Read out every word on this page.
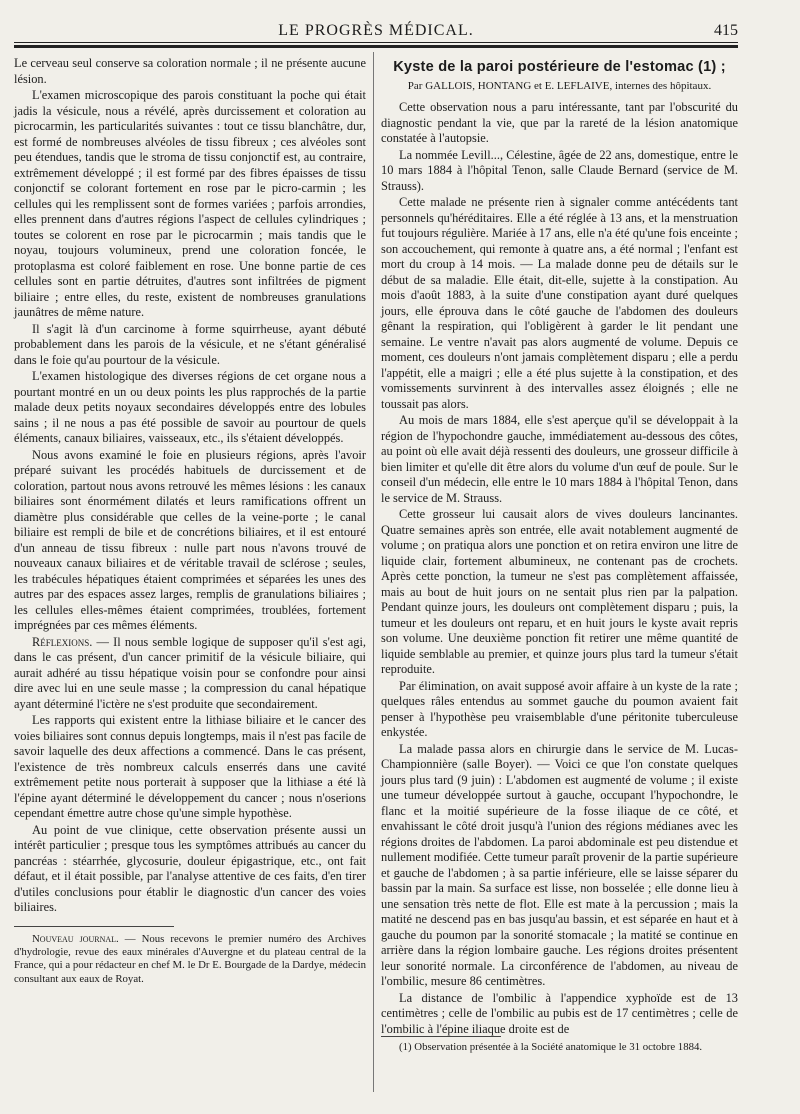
LE PROGRÈS MÉDICAL.	415

Le cerveau seul conserve sa coloration normale ; il ne présente aucune lésion.

L'examen microscopique des parois constituant la poche qui était jadis la vésicule, nous a révélé, après durcissement et coloration au picrocarmin, les particularités suivantes : tout ce tissu blanchâtre, dur, est formé de nombreuses alvéoles de tissu fibreux ; ces alvéoles sont peu étendues, tandis que le stroma de tissu conjonctif est, au contraire, extrêmement développé ; il est formé par des fibres épaisses de tissu conjonctif se colorant fortement en rose par le picro-carmin ; les cellules qui les remplissent sont de formes variées ; parfois arrondies, elles prennent dans d'autres régions l'aspect de cellules cylindriques ; toutes se colorent en rose par le picrocarmin ; mais tandis que le noyau, toujours volumineux, prend une coloration foncée, le protoplasma est coloré faiblement en rose. Une bonne partie de ces cellules sont en partie détruites, d'autres sont infiltrées de pigment biliaire ; entre elles, du reste, existent de nombreuses granulations jaunâtres de même nature.

Il s'agit là d'un carcinome à forme squirrheuse, ayant débuté probablement dans les parois de la vésicule, et ne s'étant généralisé dans le foie qu'au pourtour de la vésicule.

L'examen histologique des diverses régions de cet organe nous a pourtant montré en un ou deux points les plus rapprochés de la partie malade deux petits noyaux secondaires développés entre des lobules sains ; il ne nous a pas été possible de savoir au pourtour de quels éléments, canaux biliaires, vaisseaux, etc., ils s'étaient développés.

Nous avons examiné le foie en plusieurs régions, après l'avoir préparé suivant les procédés habituels de durcissement et de coloration, partout nous avons retrouvé les mêmes lésions : les canaux biliaires sont énormément dilatés et leurs ramifications offrent un diamètre plus considérable que celles de la veine-porte ; le canal biliaire est rempli de bile et de concrétions biliaires, et il est entouré d'un anneau de tissu fibreux : nulle part nous n'avons trouvé de nouveaux canaux biliaires et de véritable travail de sclérose ; seules, les trabécules hépatiques étaient comprimées et séparées les unes des autres par des espaces assez larges, remplis de granulations biliaires ; les cellules elles-mêmes étaient comprimées, troublées, fortement imprégnées par ces mêmes éléments.

Réflexions. — Il nous semble logique de supposer qu'il s'est agi, dans le cas présent, d'un cancer primitif de la vésicule biliaire, qui aurait adhéré au tissu hépatique voisin pour se confondre pour ainsi dire avec lui en une seule masse ; la compression du canal hépatique ayant déterminé l'ictère ne s'est produite que secondairement.

Les rapports qui existent entre la lithiase biliaire et le cancer des voies biliaires sont connus depuis longtemps, mais il n'est pas facile de savoir laquelle des deux affections a commencé. Dans le cas présent, l'existence de très nombreux calculs enserrés dans une cavité extrêmement petite nous porterait à supposer que la lithiase a été là l'épine ayant déterminé le développement du cancer ; nous n'oserions cependant émettre autre chose qu'une simple hypothèse.

Au point de vue clinique, cette observation présente aussi un intérêt particulier ; presque tous les symptômes attribués au cancer du pancréas : stéarrhée, glycosurie, douleur épigastrique, etc., ont fait défaut, et il était possible, par l'analyse attentive de ces faits, d'en tirer d'utiles conclusions pour établir le diagnostic d'un cancer des voies biliaires.

Nouveau journal. — Nous recevons le premier numéro des Archives d'hydrologie, revue des eaux minérales d'Auvergne et du plateau central de la France, qui a pour rédacteur en chef M. le Dr E. Bourgade de la Dardye, médecin consultant aux eaux de Royat.

Kyste de la paroi postérieure de l'estomac (1) ;
Par GALLOIS, HONTANG et E. LEFLAIVE, internes des hôpitaux.

Cette observation nous a paru intéressante, tant par l'obscurité du diagnostic pendant la vie, que par la rareté de la lésion anatomique constatée à l'autopsie.

La nommée Levill..., Célestine, âgée de 22 ans, domestique, entre le 10 mars 1884 à l'hôpital Tenon, salle Claude Bernard (service de M. Strauss).

Cette malade ne présente rien à signaler comme antécédents tant personnels qu'héréditaires. Elle a été réglée à 13 ans, et la menstruation fut toujours régulière. Mariée à 17 ans, elle n'a été qu'une fois enceinte ; son accouchement, qui remonte à quatre ans, a été normal ; l'enfant est mort du croup à 14 mois. — La malade donne peu de détails sur le début de sa maladie. Elle était, dit-elle, sujette à la constipation. Au mois d'août 1883, à la suite d'une constipation ayant duré quelques jours, elle éprouva dans le côté gauche de l'abdomen des douleurs gênant la respiration, qui l'obligèrent à garder le lit pendant une semaine. Le ventre n'avait pas alors augmenté de volume. Depuis ce moment, ces douleurs n'ont jamais complètement disparu ; elle a perdu l'appétit, elle a maigri ; elle a été plus sujette à la constipation, et des vomissements survinrent à des intervalles assez éloignés ; elle ne toussait pas alors.

Au mois de mars 1884, elle s'est aperçue qu'il se développait à la région de l'hypochondre gauche, immédiatement au-dessous des côtes, au point où elle avait déjà ressenti des douleurs, une grosseur difficile à bien limiter et qu'elle dit être alors du volume d'un œuf de poule. Sur le conseil d'un médecin, elle entre le 10 mars 1884 à l'hôpital Tenon, dans le service de M. Strauss.

Cette grosseur lui causait alors de vives douleurs lancinantes. Quatre semaines après son entrée, elle avait notablement augmenté de volume ; on pratiqua alors une ponction et on retira environ une litre de liquide clair, fortement albumineux, ne contenant pas de crochets. Après cette ponction, la tumeur ne s'est pas complètement affaissée, mais au bout de huit jours on ne sentait plus rien par la palpation. Pendant quinze jours, les douleurs ont complètement disparu ; puis, la tumeur et les douleurs ont reparu, et en huit jours le kyste avait repris son volume. Une deuxième ponction fit retirer une même quantité de liquide semblable au premier, et quinze jours plus tard la tumeur s'était reproduite.

Par élimination, on avait supposé avoir affaire à un kyste de la rate ; quelques râles entendus au sommet gauche du poumon avaient fait penser à l'hypothèse peu vraisemblable d'une péritonite tuberculeuse enkystée.

La malade passa alors en chirurgie dans le service de M. Lucas-Championnière (salle Boyer). — Voici ce que l'on constate quelques jours plus tard (9 juin) : L'abdomen est augmenté de volume ; il existe une tumeur développée surtout à gauche, occupant l'hypochondre, le flanc et la moitié supérieure de la fosse iliaque de ce côté, et envahissant le côté droit jusqu'à l'union des régions médianes avec les régions droites de l'abdomen. La paroi abdominale est peu distendue et nullement modifiée. Cette tumeur paraît provenir de la partie supérieure et gauche de l'abdomen ; à sa partie inférieure, elle se laisse séparer du bassin par la main. Sa surface est lisse, non bosselée ; elle donne lieu à une sensation très nette de flot. Elle est mate à la percussion ; mais la matité ne descend pas en bas jusqu'au bassin, et est séparée en haut et à gauche du poumon par la sonorité stomacale ; la matité se continue en arrière dans la région lombaire gauche. Les régions droites présentent leur sonorité normale. La circonférence de l'abdomen, au niveau de l'ombilic, mesure 86 centimètres.

La distance de l'ombilic à l'appendice xyphoïde est de 13 centimètres ; celle de l'ombilic au pubis est de 17 centimètres ; celle de l'ombilic à l'épine iliaque droite est de

(1) Observation présentée à la Société anatomique le 31 octobre 1884.
